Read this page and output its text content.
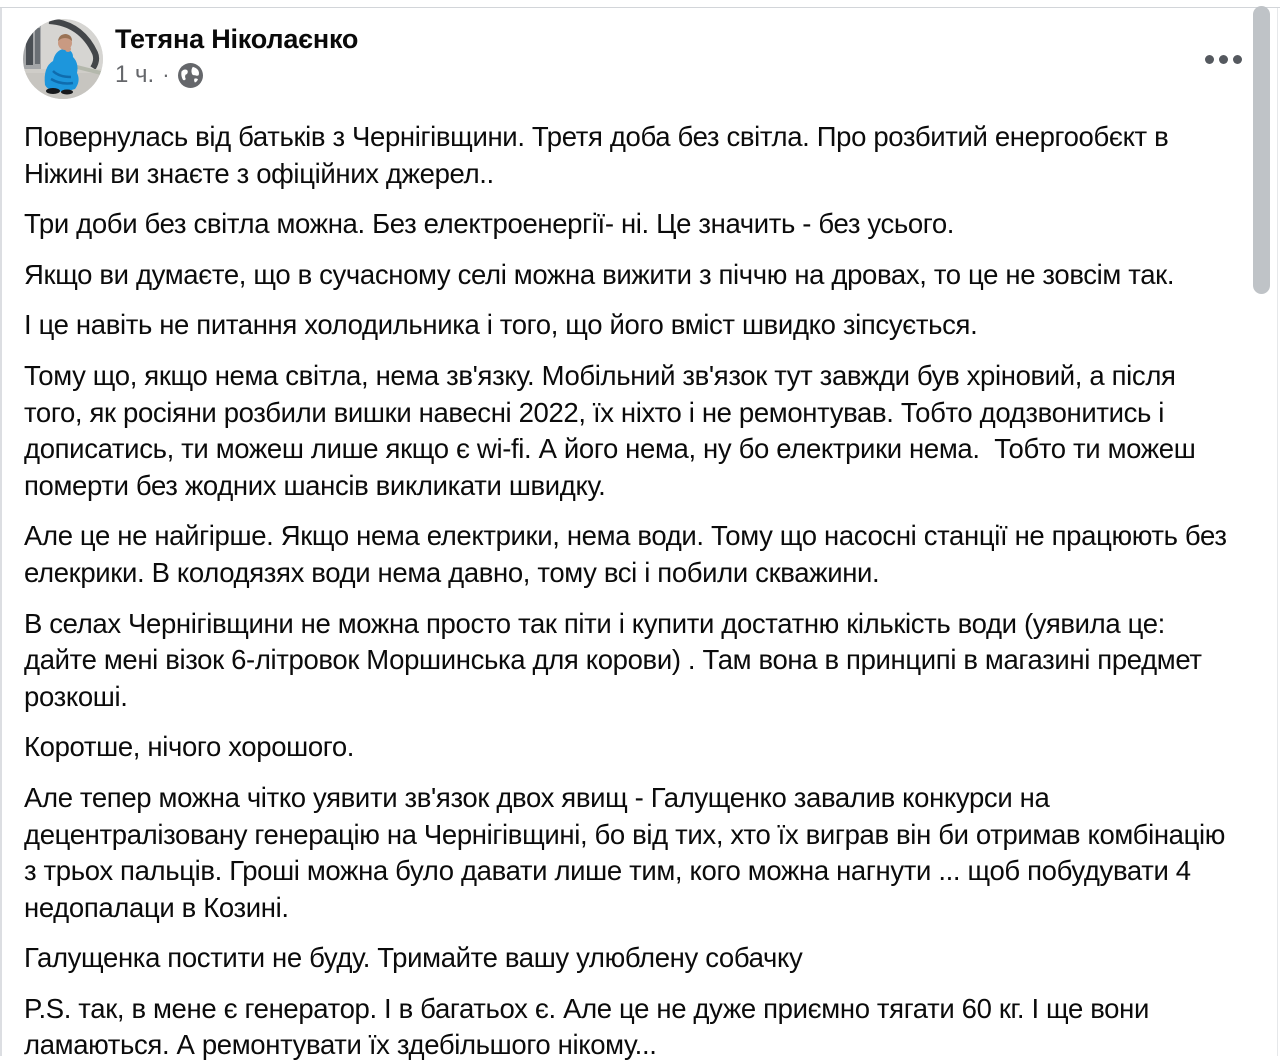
Тетяна Ніколаєнко
1 ч. ·

Повернулась від батьків з Чернігівщини. Третя доба без світла. Про розбитий енергообєкт в Ніжині ви знаєте з офіційних джерел..

Три доби без світла можна. Без електроенергії- ні. Це значить - без усього.

Якщо ви думаєте, що в сучасному селі можна вижити з піччю на дровах, то це не зовсім так.

І це навіть не питання холодильника і того, що його вміст швидко зіпсується.

Тому що, якщо нема світла, нема зв'язку. Мобільний зв'язок тут завжди був хріновий, а після того, як росіяни розбили вишки навесні 2022, їх ніхто і не ремонтував. Тобто додзвонитись і дописатись, ти можеш лише якщо є wi-fi. А його нема, ну бо електрики нема.  Тобто ти можеш померти без жодних шансів викликати швидку.

Але це не найгірше. Якщо нема електрики, нема води. Тому що насосні станції не працюють без елекрики. В колодязях води нема давно, тому всі і побили скважини.

В селах Чернігівщини не можна просто так піти і купити достатню кількість води (уявила це: дайте мені візок 6-літровок Моршинська для корови) . Там вона в принципі в магазині предмет розкоші.

Коротше, нічого хорошого.

Але тепер можна чітко уявити зв'язок двох явищ - Галущенко завалив конкурси на децентралізовану генерацію на Чернігівщині, бо від тих, хто їх виграв він би отримав комбінацію з трьох пальців. Гроші можна було давати лише тим, кого можна нагнути ... щоб побудувати 4 недопалаци в Козині.

Галущенка постити не буду. Тримайте вашу улюблену собачку

P.S. так, в мене є генератор. І в багатьох є. Але це не дуже приємно тягати 60 кг. І ще вони ламаються. А ремонтувати їх здебільшого нікому...
